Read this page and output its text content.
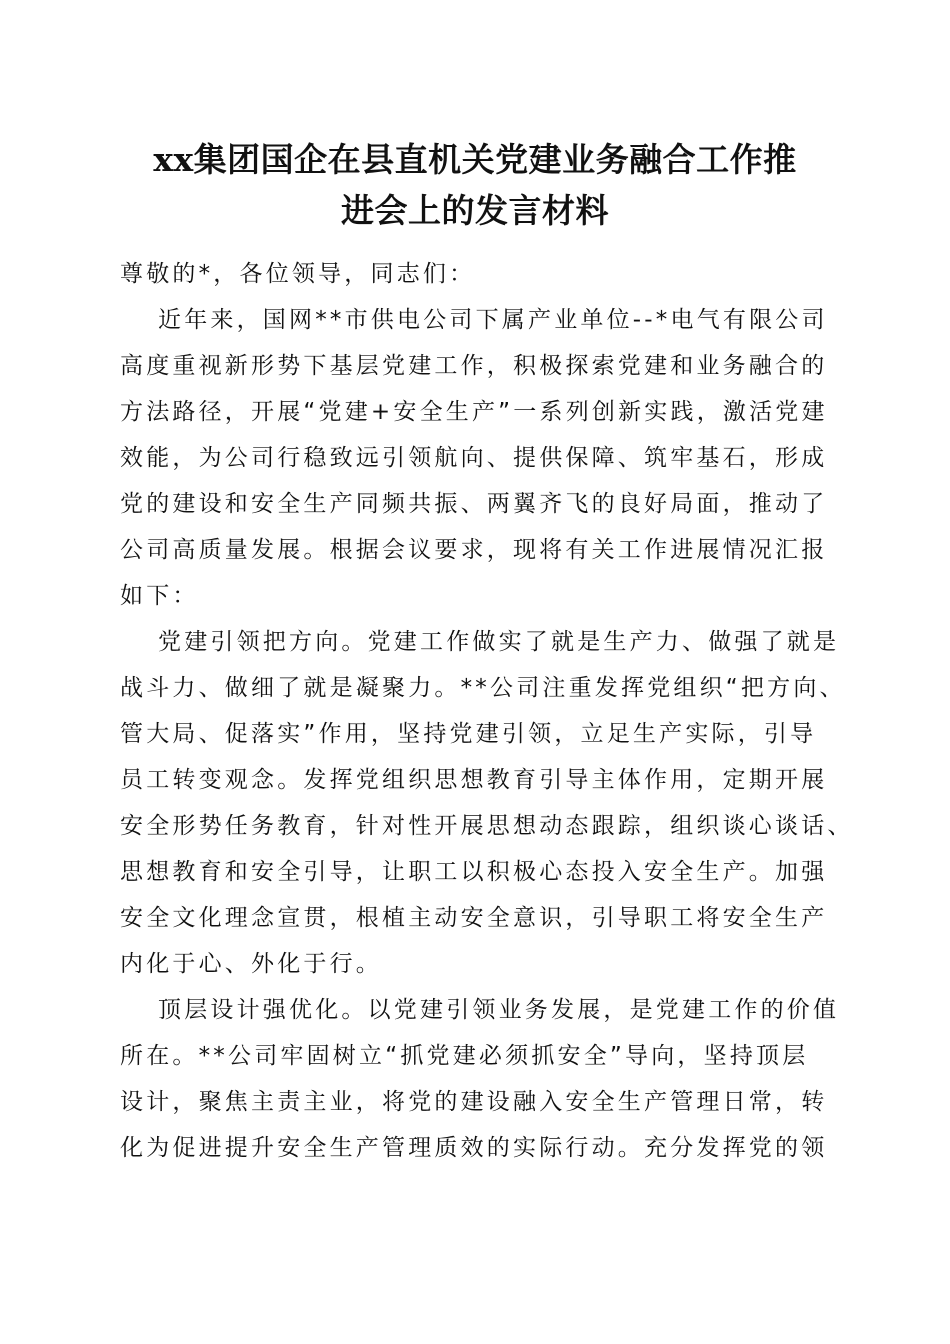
xx集团国企在县直机关党建业务融合工作推
进会上的发言材料

尊敬的*，各位领导，同志们：

近年来，国网**市供电公司下属产业单位--*电气有限公司
高度重视新形势下基层党建工作，积极探索党建和业务融合的
方法路径，开展“党建+安全生产”一系列创新实践，激活党建
效能，为公司行稳致远引领航向、提供保障、筑牢基石，形成
党的建设和安全生产同频共振、两翼齐飞的良好局面，推动了
公司高质量发展。根据会议要求，现将有关工作进展情况汇报
如下：

党建引领把方向。党建工作做实了就是生产力、做强了就是
战斗力、做细了就是凝聚力。**公司注重发挥党组织“把方向、
管大局、促落实”作用，坚持党建引领，立足生产实际，引导
员工转变观念。发挥党组织思想教育引导主体作用，定期开展
安全形势任务教育，针对性开展思想动态跟踪，组织谈心谈话、
思想教育和安全引导，让职工以积极心态投入安全生产。加强
安全文化理念宣贯，根植主动安全意识，引导职工将安全生产
内化于心、外化于行。

顶层设计强优化。以党建引领业务发展，是党建工作的价值
所在。**公司牢固树立“抓党建必须抓安全”导向，坚持顶层
设计，聚焦主责主业，将党的建设融入安全生产管理日常，转
化为促进提升安全生产管理质效的实际行动。充分发挥党的领
